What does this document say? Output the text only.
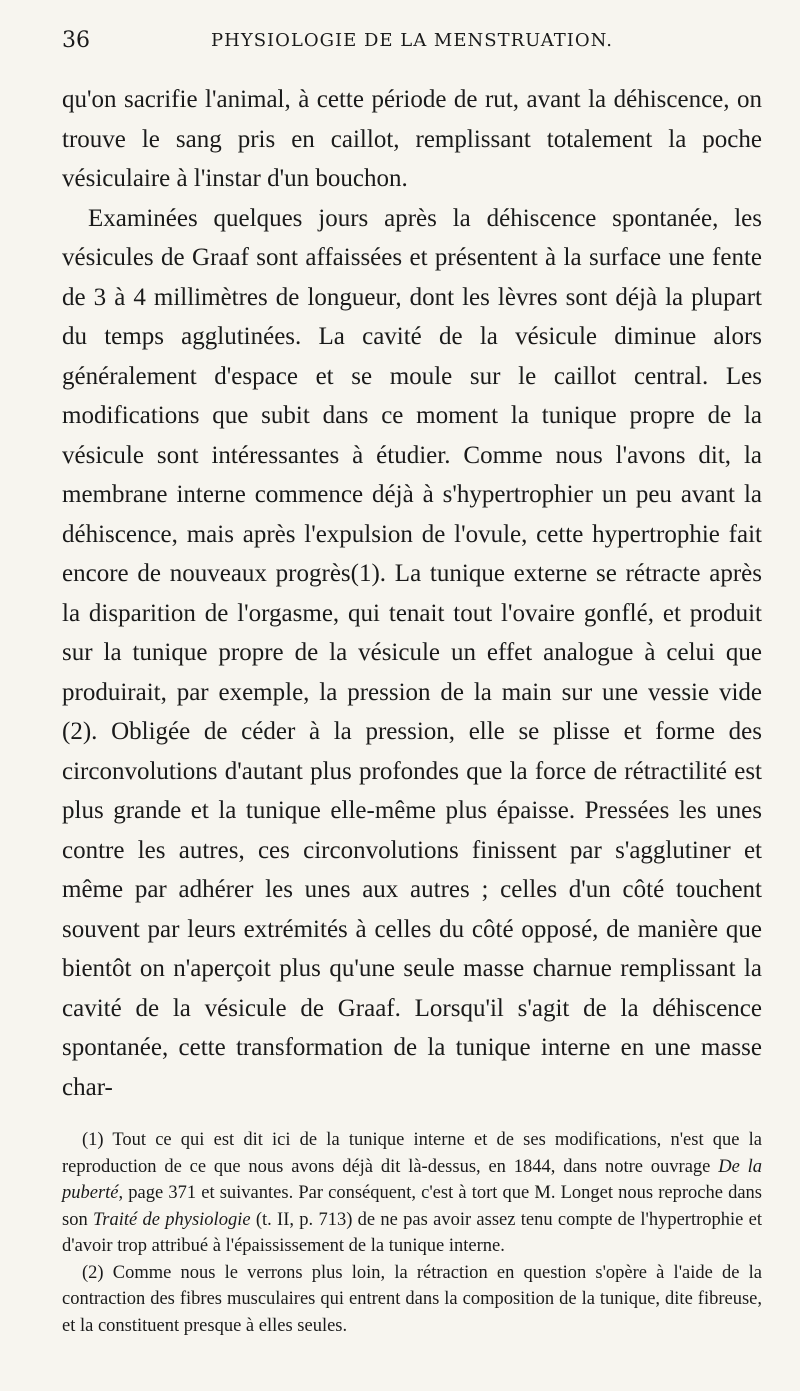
36	PHYSIOLOGIE DE LA MENSTRUATION.

qu'on sacrifie l'animal, à cette période de rut, avant la déhiscence, on trouve le sang pris en caillot, remplissant totalement la poche vésiculaire à l'instar d'un bouchon.

Examinées quelques jours après la déhiscence spontanée, les vésicules de Graaf sont affaissées et présentent à la surface une fente de 3 à 4 millimètres de longueur, dont les lèvres sont déjà la plupart du temps agglutinées. La cavité de la vésicule diminue alors généralement d'espace et se moule sur le caillot central. Les modifications que subit dans ce moment la tunique propre de la vésicule sont intéressantes à étudier. Comme nous l'avons dit, la membrane interne commence déjà à s'hypertrophier un peu avant la déhiscence, mais après l'expulsion de l'ovule, cette hypertrophie fait encore de nouveaux progrès(1). La tunique externe se rétracte après la disparition de l'orgasme, qui tenait tout l'ovaire gonflé, et produit sur la tunique propre de la vésicule un effet analogue à celui que produirait, par exemple, la pression de la main sur une vessie vide (2). Obligée de céder à la pression, elle se plisse et forme des circonvolutions d'autant plus profondes que la force de rétractilité est plus grande et la tunique elle-même plus épaisse. Pressées les unes contre les autres, ces circonvolutions finissent par s'agglutiner et même par adhérer les unes aux autres ; celles d'un côté touchent souvent par leurs extrémités à celles du côté opposé, de manière que bientôt on n'aperçoit plus qu'une seule masse charnue remplissant la cavité de la vésicule de Graaf. Lorsqu'il s'agit de la déhiscence spontanée, cette transformation de la tunique interne en une masse char-

(1) Tout ce qui est dit ici de la tunique interne et de ses modifications, n'est que la reproduction de ce que nous avons déjà dit là-dessus, en 1844, dans notre ouvrage De la puberté, page 371 et suivantes. Par conséquent, c'est à tort que M. Longet nous reproche dans son Traité de physiologie (t. II, p. 713) de ne pas avoir assez tenu compte de l'hypertrophie et d'avoir trop attribué à l'épaississement de la tunique interne.

(2) Comme nous le verrons plus loin, la rétraction en question s'opère à l'aide de la contraction des fibres musculaires qui entrent dans la composition de la tunique, dite fibreuse, et la constituent presque à elles seules.
